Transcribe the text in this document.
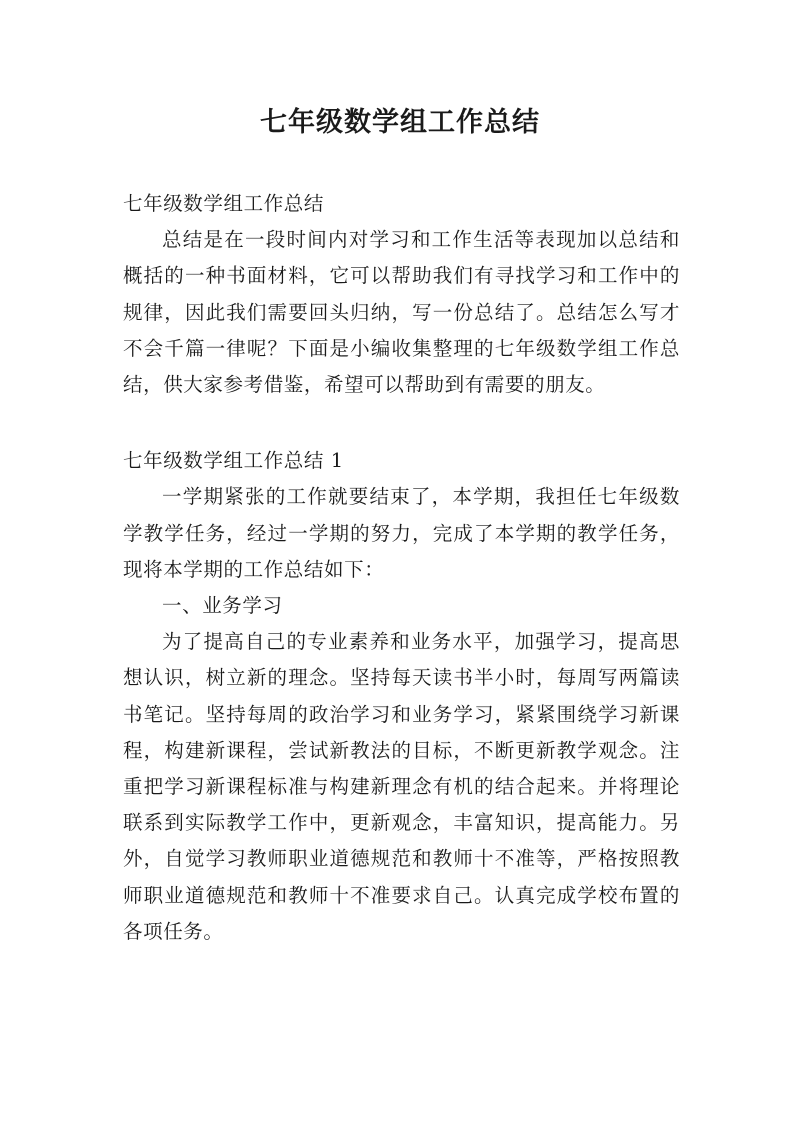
七年级数学组工作总结

七年级数学组工作总结

总结是在一段时间内对学习和工作生活等表现加以总结和概括的一种书面材料，它可以帮助我们有寻找学习和工作中的规律，因此我们需要回头归纳，写一份总结了。总结怎么写才不会千篇一律呢？下面是小编收集整理的七年级数学组工作总结，供大家参考借鉴，希望可以帮助到有需要的朋友。

七年级数学组工作总结 1

一学期紧张的工作就要结束了，本学期，我担任七年级数学教学任务，经过一学期的努力，完成了本学期的教学任务，现将本学期的工作总结如下：

一、业务学习

为了提高自己的专业素养和业务水平，加强学习，提高思想认识，树立新的理念。坚持每天读书半小时，每周写两篇读书笔记。坚持每周的政治学习和业务学习，紧紧围绕学习新课程，构建新课程，尝试新教法的目标，不断更新教学观念。注重把学习新课程标准与构建新理念有机的结合起来。并将理论联系到实际教学工作中，更新观念，丰富知识，提高能力。另外，自觉学习教师职业道德规范和教师十不准等，严格按照教师职业道德规范和教师十不准要求自己。认真完成学校布置的各项任务。
